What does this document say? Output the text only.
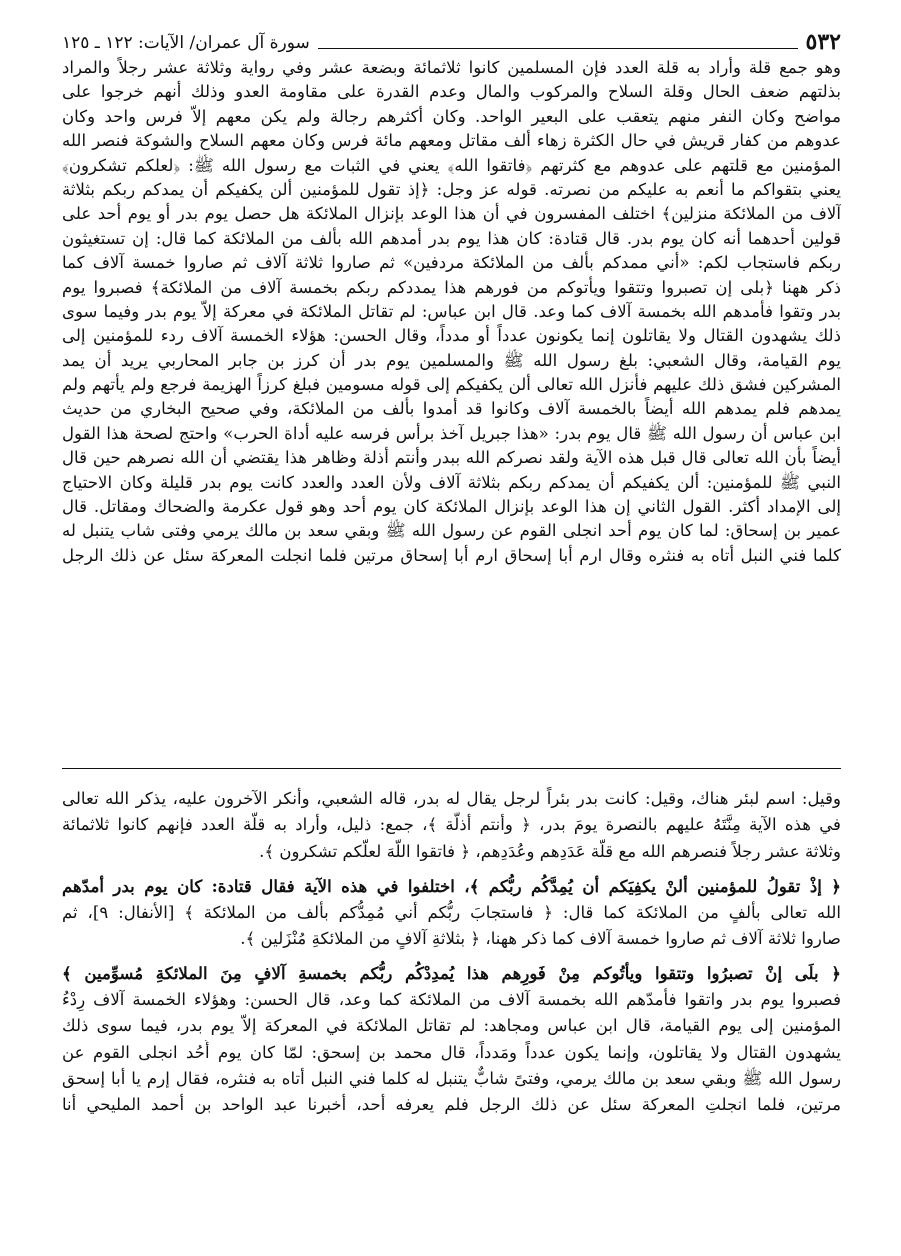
٥٣٢
سورة آل عمران/ الآيات: ١٢٢ ـ ١٢٥
وهو جمع قلة وأراد به قلة العدد فإن المسلمين كانوا ثلاثمائة وبضعة عشر وفي رواية وثلاثة عشر رجلاً والمراد
بذلتهم ضعف الحال وقلة السلاح والمركوب والمال وعدم القدرة على مقاومة العدو وذلك أنهم خرجوا على
مواضح وكان النفر منهم يتعقب على البعير الواحد. وكان أكثرهم رجالة ولم يكن معهم إلاّ فرس واحد وكان
عدوهم من كفار قريش في حال الكثرة زهاء ألف مقاتل ومعهم مائة فرس وكان معهم السلاح والشوكة فنصر الله
المؤمنين مع قلتهم على عدوهم مع كثرتهم ﴿فاتقوا الله﴾ يعني في الثبات مع رسول الله ﷺ: ﴿لعلكم تشكرون﴾
يعني بتقواكم ما أنعم به عليكم من نصرته. قوله عز وجل: ﴿إذ تقول للمؤمنين ألن يكفيكم أن يمدكم ربكم بثلاثة
آلاف من الملائكة منزلين﴾ اختلف المفسرون في أن هذا الوعد بإنزال الملائكة هل حصل يوم بدر أو يوم أحد على
قولين أحدهما أنه كان يوم بدر. قال قتادة: كان هذا يوم بدر أمدهم الله بألف من الملائكة كما قال: إن تستغيثون
ربكم فاستجاب لكم: «أني ممدكم بألف من الملائكة مردفين» ثم صاروا ثلاثة آلاف ثم صاروا خمسة آلاف كما
ذكر ههنا ﴿بلى إن تصبروا وتتقوا ويأتوكم من فورهم هذا يمددكم ربكم بخمسة آلاف من الملائكة﴾ فصبروا يوم
بدر وتقوا فأمدهم الله بخمسة آلاف كما وعد. قال ابن عباس: لم تقاتل الملائكة في معركة إلاّ يوم بدر وفيما سوى
ذلك يشهدون القتال ولا يقاتلون إنما يكونون عدداً أو مدداً، وقال الحسن: هؤلاء الخمسة آلاف ردء للمؤمنين إلى
يوم القيامة، وقال الشعبي: بلغ رسول الله ﷺ والمسلمين يوم بدر أن كرز بن جابر المحاربي يريد أن يمد
المشركين فشق ذلك عليهم فأنزل الله تعالى ألن يكفيكم إلى قوله مسومين فبلغ كرزاً الهزيمة فرجع ولم يأتهم ولم
يمدهم فلم يمدهم الله أيضاً بالخمسة آلاف وكانوا قد أمدوا بألف من الملائكة، وفي صحيح البخاري من حديث
ابن عباس أن رسول الله ﷺ قال يوم بدر: «هذا جبريل آخذ برأس فرسه عليه أداة الحرب» واحتج لصحة هذا القول
أيضاً بأن الله تعالى قال قبل هذه الآية ولقد نصركم الله ببدر وأنتم أذلة وظاهر هذا يقتضي أن الله نصرهم حين قال
النبي ﷺ للمؤمنين: ألن يكفيكم أن يمدكم ربكم بثلاثة آلاف ولأن العدد والعدد كانت يوم بدر قليلة وكان الاحتياج
إلى الإمداد أكثر. القول الثاني إن هذا الوعد بإنزال الملائكة كان يوم أحد وهو قول عكرمة والضحاك ومقاتل. قال
عمير بن إسحاق: لما كان يوم أحد انجلى القوم عن رسول الله ﷺ وبقي سعد بن مالك يرمي وفتى شاب يتنبل له
كلما فني النبل أتاه به فنثره وقال ارم أبا إسحاق ارم أبا إسحاق مرتين فلما انجلت المعركة سئل عن ذلك الرجل
وقيل: اسم لبئر هناك، وقيل: كانت بدر بئراً لرجل يقال له بدر، قاله الشعبي، وأنكر الآخرون عليه، يذكر الله تعالى
في هذه الآية مِنَّتَهُ عليهم بالنصرة يومَ بدر، ﴿ وأنتم أذلّة ﴾، جمع: ذليل، وأراد به قلّة العدد فإنهم كانوا ثلاثمائة
وثلاثة عشر رجلاً فنصرهم الله مع قلّة عَدَدِهم وعُدَدِهم، ﴿ فاتقوا اللّهَ لعلّكم تشكرون ﴾.
﴿ إذْ تقولُ للمؤمنين ألنْ يكفِيَكم أن يُمِدَّكُم ربُّكم ﴾، اختلفوا في هذه الآية فقال قتادة: كان يوم بدر أمدّهم
الله تعالى بألفٍ من الملائكة كما قال: ﴿ فاستجابَ ربُّكم أني مُمِدُّكم بألف من الملائكة ﴾ [الأنفال: ٩]، ثم
صاروا ثلاثة آلاف ثم صاروا خمسة آلاف كما ذكر ههنا، ﴿ بثلاثةِ آلافٍ من الملائكةِ مُنْزَلين ﴾.
﴿ بلَى إنْ تصبرُوا وتتقوا ويأتُوكم مِنْ فَورِهم هذا يُمدِدْكُم ربُّكم بخمسةِ آلافٍ مِنَ الملائكةِ مُسوِّمين ﴾
فصبروا يوم بدر واتقوا فأمدّهم الله بخمسة آلاف من الملائكة كما وعد، قال الحسن: وهؤلاء الخمسة آلاف رِدْءُ
المؤمنين إلى يوم القيامة، قال ابن عباس ومجاهد: لم تقاتل الملائكة في المعركة إلاّ يوم بدر، فيما سوى ذلك
يشهدون القتال ولا يقاتلون، وإنما يكون عدداً ومَدداً، قال محمد بن إسحق: لمّا كان يوم أُحُد انجلى القوم عن
رسول الله ﷺ وبقي سعد بن مالك يرمي، وفتىً شابٌّ يتنبل له كلما فني النبل أتاه به فنثره، فقال إرم يا أبا إسحق
مرتين، فلما انجلتِ المعركة سئل عن ذلك الرجل فلم يعرفه أحد، أخبرنا عبد الواحد بن أحمد المليحي أنا
